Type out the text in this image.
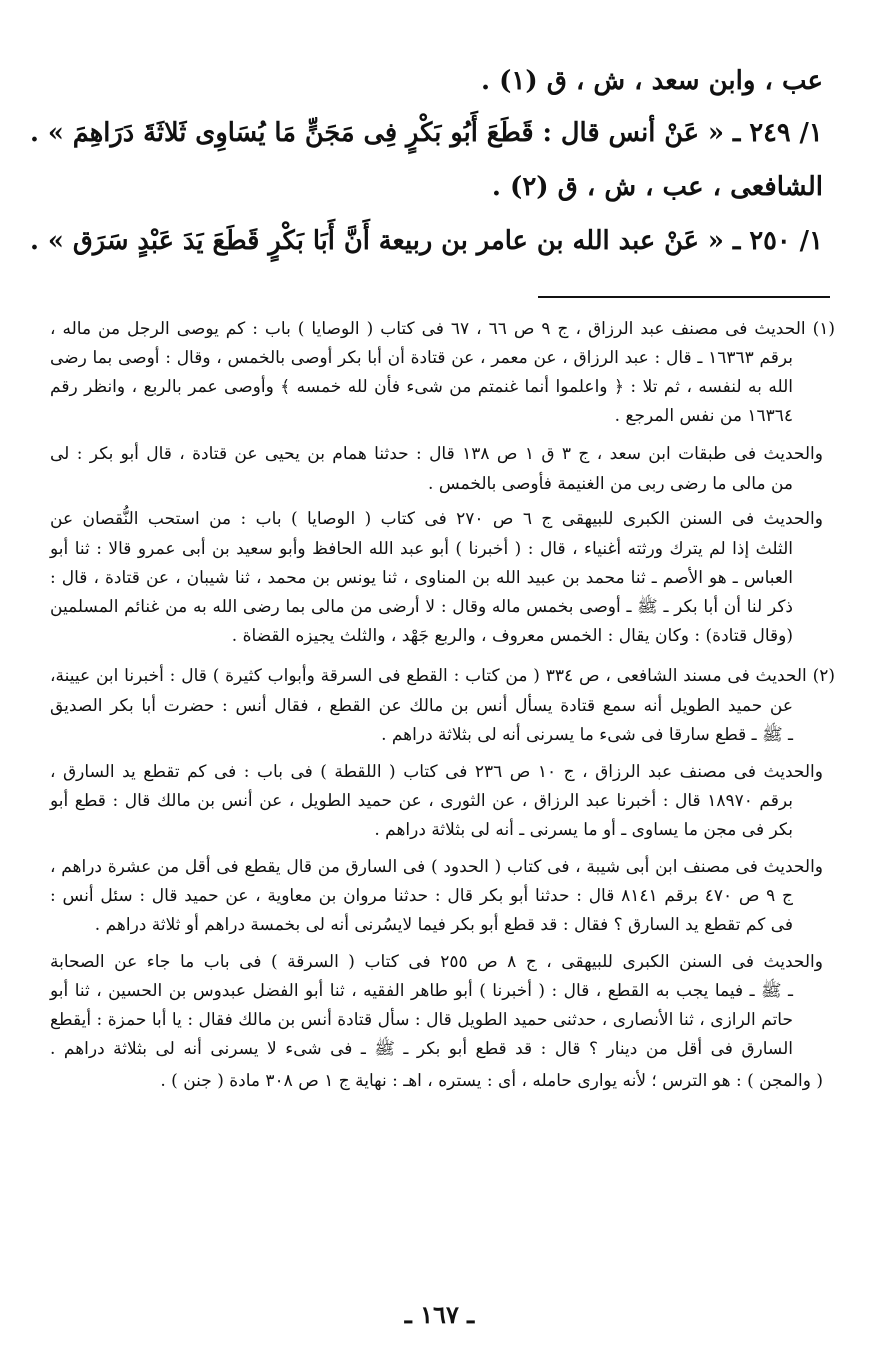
عب ، وابن سعد ، ش ، ق (١) .

١/ ٢٤٩ ـ « عَنْ أنس قال : قَطَعَ أَبُو بَكْرٍ فِى مَجَنٍّ مَا يُسَاوِى ثَلاثَةَ دَرَاهِمَ » .

الشافعى ، عب ، ش ، ق (٢) .

١/ ٢٥٠ ـ « عَنْ عبد الله بن عامر بن ربيعة أَنَّ أَبَا بَكْرٍ قَطَعَ يَدَ عَبْدٍ سَرَق » .

(١) الحديث فى مصنف عبد الرزاق ، ج ٩ ص ٦٦ ، ٦٧ فى كتاب ( الوصايا ) باب : كم يوصى الرجل من ماله ،

برقم ١٦٣٦٣ ـ قال : عبد الرزاق ، عن معمر ، عن قتادة أن أبا بكر أوصى بالخمس ، وقال : أوصى بما رضى

الله به لنفسه ، ثم تلا : ﴿ واعلموا أنما غنمتم من شىء فأن لله خمسه ﴾ وأوصى عمر بالربع ، وانظر رقم

١٦٣٦٤ من نفس المرجع .

والحديث فى طبقات ابن سعد ، ج ٣ ق ١ ص ١٣٨ قال : حدثنا همام بن يحيى عن قتادة ، قال أبو بكر : لى

من مالى ما رضى ربى من الغنيمة فأوصى بالخمس .

والحديث فى السنن الكبرى للبيهقى ج ٦ ص ٢٧٠ فى كتاب ( الوصايا ) باب : من استحب النُّقصان عن

الثلث إذا لم يترك ورثته أغنياء ، قال : ( أخبرنا ) أبو عبد الله الحافظ وأبو سعيد بن أبى عمرو قالا : ثنا أبو

العباس ـ هو الأصم ـ ثنا محمد بن عبيد الله بن المناوى ، ثنا يونس بن محمد ، ثنا شيبان ، عن قتادة ، قال :

ذكر لنا أن أبا بكر ـ ﷺ ـ أوصى بخمس ماله وقال : لا أرضى من مالى بما رضى الله به من غنائم المسلمين

(وقال قتادة) : وكان يقال : الخمس معروف ، والربع جَهْد ، والثلث يجيزه القضاة .

(٢) الحديث فى مسند الشافعى ، ص ٣٣٤ ( من كتاب : القطع فى السرقة وأبواب كثيرة ) قال : أخبرنا ابن عيينة،

عن حميد الطويل أنه سمع قتادة يسأل أنس بن مالك عن القطع ، فقال أنس : حضرت أبا بكر الصديق

ـ ﷺ ـ قطع سارقا فى شىء ما يسرنى أنه لى بثلاثة دراهم .

والحديث فى مصنف عبد الرزاق ، ج ١٠ ص ٢٣٦ فى كتاب ( اللقطة ) فى باب : فى كم تقطع يد السارق ،

برقم ١٨٩٧٠ قال : أخبرنا عبد الرزاق ، عن الثورى ، عن حميد الطويل ، عن أنس بن مالك قال : قطع أبو

بكر فى مجن ما يساوى ـ أو ما يسرنى ـ أنه لى بثلاثة دراهم .

والحديث فى مصنف ابن أبى شيبة ، فى كتاب ( الحدود ) فى السارق من قال يقطع فى أقل من عشرة دراهم ،

ج ٩ ص ٤٧٠ برقم ٨١٤١ قال : حدثنا أبو بكر قال : حدثنا مروان بن معاوية ، عن حميد قال : سئل أنس :

فى كم تقطع يد السارق ؟ فقال : قد قطع أبو بكر فيما لايسُرنى أنه لى بخمسة دراهم أو ثلاثة دراهم .

والحديث فى السنن الكبرى للبيهقى ، ج ٨ ص ٢٥٥ فى كتاب ( السرقة ) فى باب ما جاء عن الصحابة

ـ ﷺ ـ فيما يجب به القطع ، قال : ( أخبرنا ) أبو طاهر الفقيه ، ثنا أبو الفضل عبدوس بن الحسين ، ثنا أبو

حاتم الرازى ، ثنا الأنصارى ، حدثنى حميد الطويل قال : سأل قتادة أنس بن مالك فقال : يا أبا حمزة : أيقطع

السارق فى أقل من دينار ؟ قال : قد قطع أبو بكر ـ ﷺ ـ فى شىء لا يسرنى أنه لى بثلاثة دراهم .

( والمجن ) : هو الترس ؛ لأنه يوارى حامله ، أى : يستره ، اهـ : نهاية ج ١ ص ٣٠٨ مادة ( جنن ) .

ـ ١٦٧ ـ
